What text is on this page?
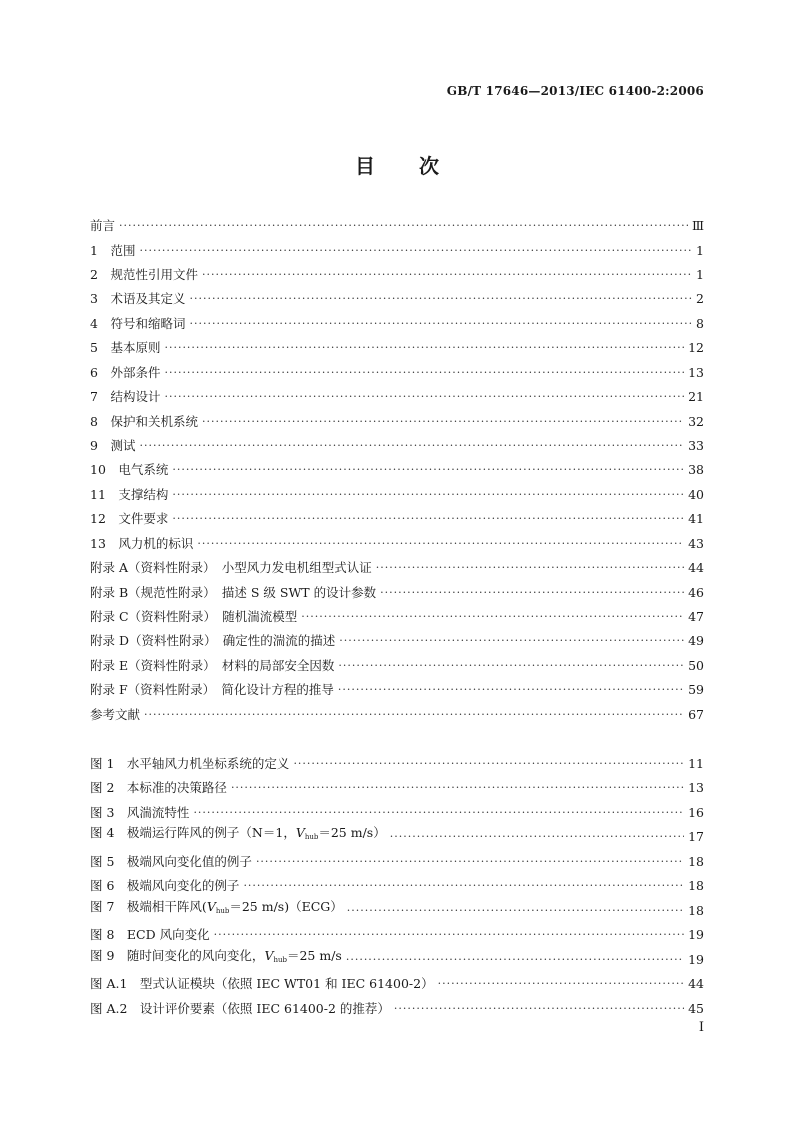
GB/T 17646—2013/IEC 61400-2:2006
目 次
前言 ·····	Ⅲ
1　范围 ·····	1
2　规范性引用文件 ·····	1
3　术语及其定义 ·····	2
4　符号和缩略词 ·····	8
5　基本原则 ·····	12
6　外部条件 ·····	13
7　结构设计 ·····	21
8　保护和关机系统 ·····	32
9　测试 ·····	33
10　电气系统 ·····	38
11　支撑结构 ·····	40
12　文件要求 ·····	41
13　风力机的标识 ·····	43
附录 A（资料性附录）　小型风力发电机组型式认证 ·····	44
附录 B（规范性附录）　描述 S 级 SWT 的设计参数 ·····	46
附录 C（资料性附录）　随机湍流模型 ·····	47
附录 D（资料性附录）　确定性的湍流的描述 ·····	49
附录 E（资料性附录）　材料的局部安全因数 ·····	50
附录 F（资料性附录）　简化设计方程的推导 ·····	59
参考文献 ·····	67
图 1　水平轴风力机坐标系统的定义 ·····	11
图 2　本标准的决策路径 ·····	13
图 3　风湍流特性 ·····	16
图 4　极端运行阵风的例子（N＝1，$V_{hub}=25$ m/s） ·····	17
图 5　极端风向变化值的例子 ·····	18
图 6　极端风向变化的例子 ·····	18
图 7　极端相干阵风($V_{hub}=25$ m/s)（ECG） ·····	18
图 8　ECD 风向变化 ·····	19
图 9　随时间变化的风向变化，$V_{hub}=25$ m/s ·····	19
图 A.1　型式认证模块（依照 IEC WT01 和 IEC 61400-2） ·····	44
图 A.2　设计评价要素（依照 IEC 61400-2 的推荐） ·····	45
I
